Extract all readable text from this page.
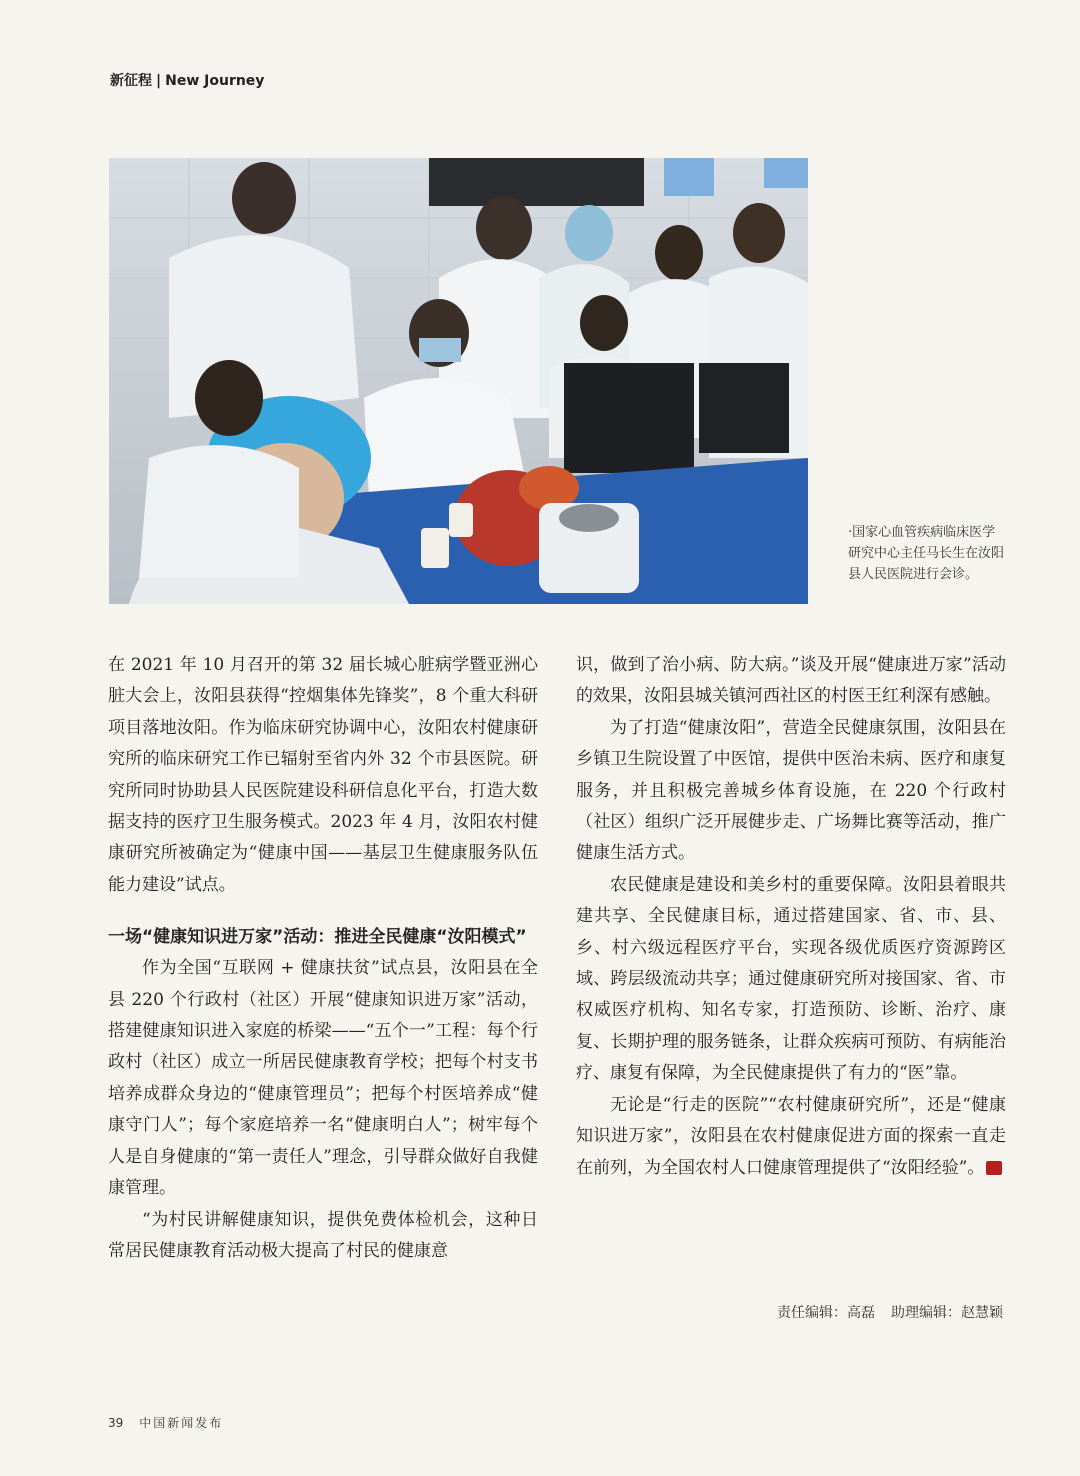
新征程 | New Journey
·国家心血管疾病临床医学研究中心主任马长生在汝阳县人民医院进行会诊。

在 2021 年 10 月召开的第 32 届长城心脏病学暨亚洲心脏大会上，汝阳县获得“控烟集体先锋奖”，8 个重大科研项目落地汝阳。作为临床研究协调中心，汝阳农村健康研究所的临床研究工作已辐射至省内外 32 个市县医院。研究所同时协助县人民医院建设科研信息化平台，打造大数据支持的医疗卫生服务模式。2023 年 4 月，汝阳农村健康研究所被确定为“健康中国——基层卫生健康服务队伍能力建设”试点。

一场“健康知识进万家”活动：推进全民健康“汝阳模式”

作为全国“互联网 + 健康扶贫”试点县，汝阳县在全县 220 个行政村（社区）开展“健康知识进万家”活动，搭建健康知识进入家庭的桥梁——“五个一”工程：每个行政村（社区）成立一所居民健康教育学校；把每个村支书培养成群众身边的“健康管理员”；把每个村医培养成“健康守门人”；每个家庭培养一名“健康明白人”；树牢每个人是自身健康的“第一责任人”理念，引导群众做好自我健康管理。

“为村民讲解健康知识，提供免费体检机会，这种日常居民健康教育活动极大提高了村民的健康意

识，做到了治小病、防大病。”谈及开展“健康进万家”活动的效果，汝阳县城关镇河西社区的村医王红利深有感触。

为了打造“健康汝阳”，营造全民健康氛围，汝阳县在乡镇卫生院设置了中医馆，提供中医治未病、医疗和康复服务，并且积极完善城乡体育设施，在 220 个行政村（社区）组织广泛开展健步走、广场舞比赛等活动，推广健康生活方式。

农民健康是建设和美乡村的重要保障。汝阳县着眼共建共享、全民健康目标，通过搭建国家、省、市、县、乡、村六级远程医疗平台，实现各级优质医疗资源跨区域、跨层级流动共享；通过健康研究所对接国家、省、市权威医疗机构、知名专家，打造预防、诊断、治疗、康复、长期护理的服务链条，让群众疾病可预防、有病能治疗、康复有保障，为全民健康提供了有力的“医”靠。

无论是“行走的医院”“农村健康研究所”，还是“健康知识进万家”，汝阳县在农村健康促进方面的探索一直走在前列，为全国农村人口健康管理提供了“汝阳经验”。

责任编辑：高磊 助理编辑：赵慧颖
39 中国新闻发布
